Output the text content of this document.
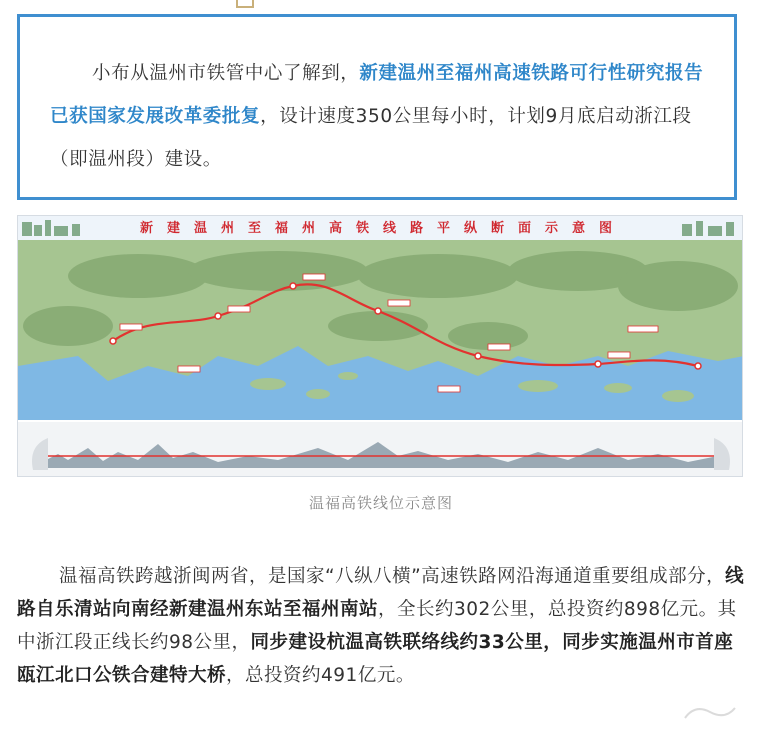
小布从温州市铁管中心了解到，新建温州至福州高速铁路可行性研究报告已获国家发展改革委批复，设计速度350公里每小时，计划9月底启动浙江段（即温州段）建设。
新建温州至福州高铁线路平纵断面示意图
温福高铁线位示意图
温福高铁跨越浙闽两省，是国家“八纵八横”高速铁路网沿海通道重要组成部分，线路自乐清站向南经新建温州东站至福州南站，全长约302公里，总投资约898亿元。其中浙江段正线长约98公里，同步建设杭温高铁联络线约33公里，同步实施温州市首座瓯江北口公铁合建特大桥，总投资约491亿元。
